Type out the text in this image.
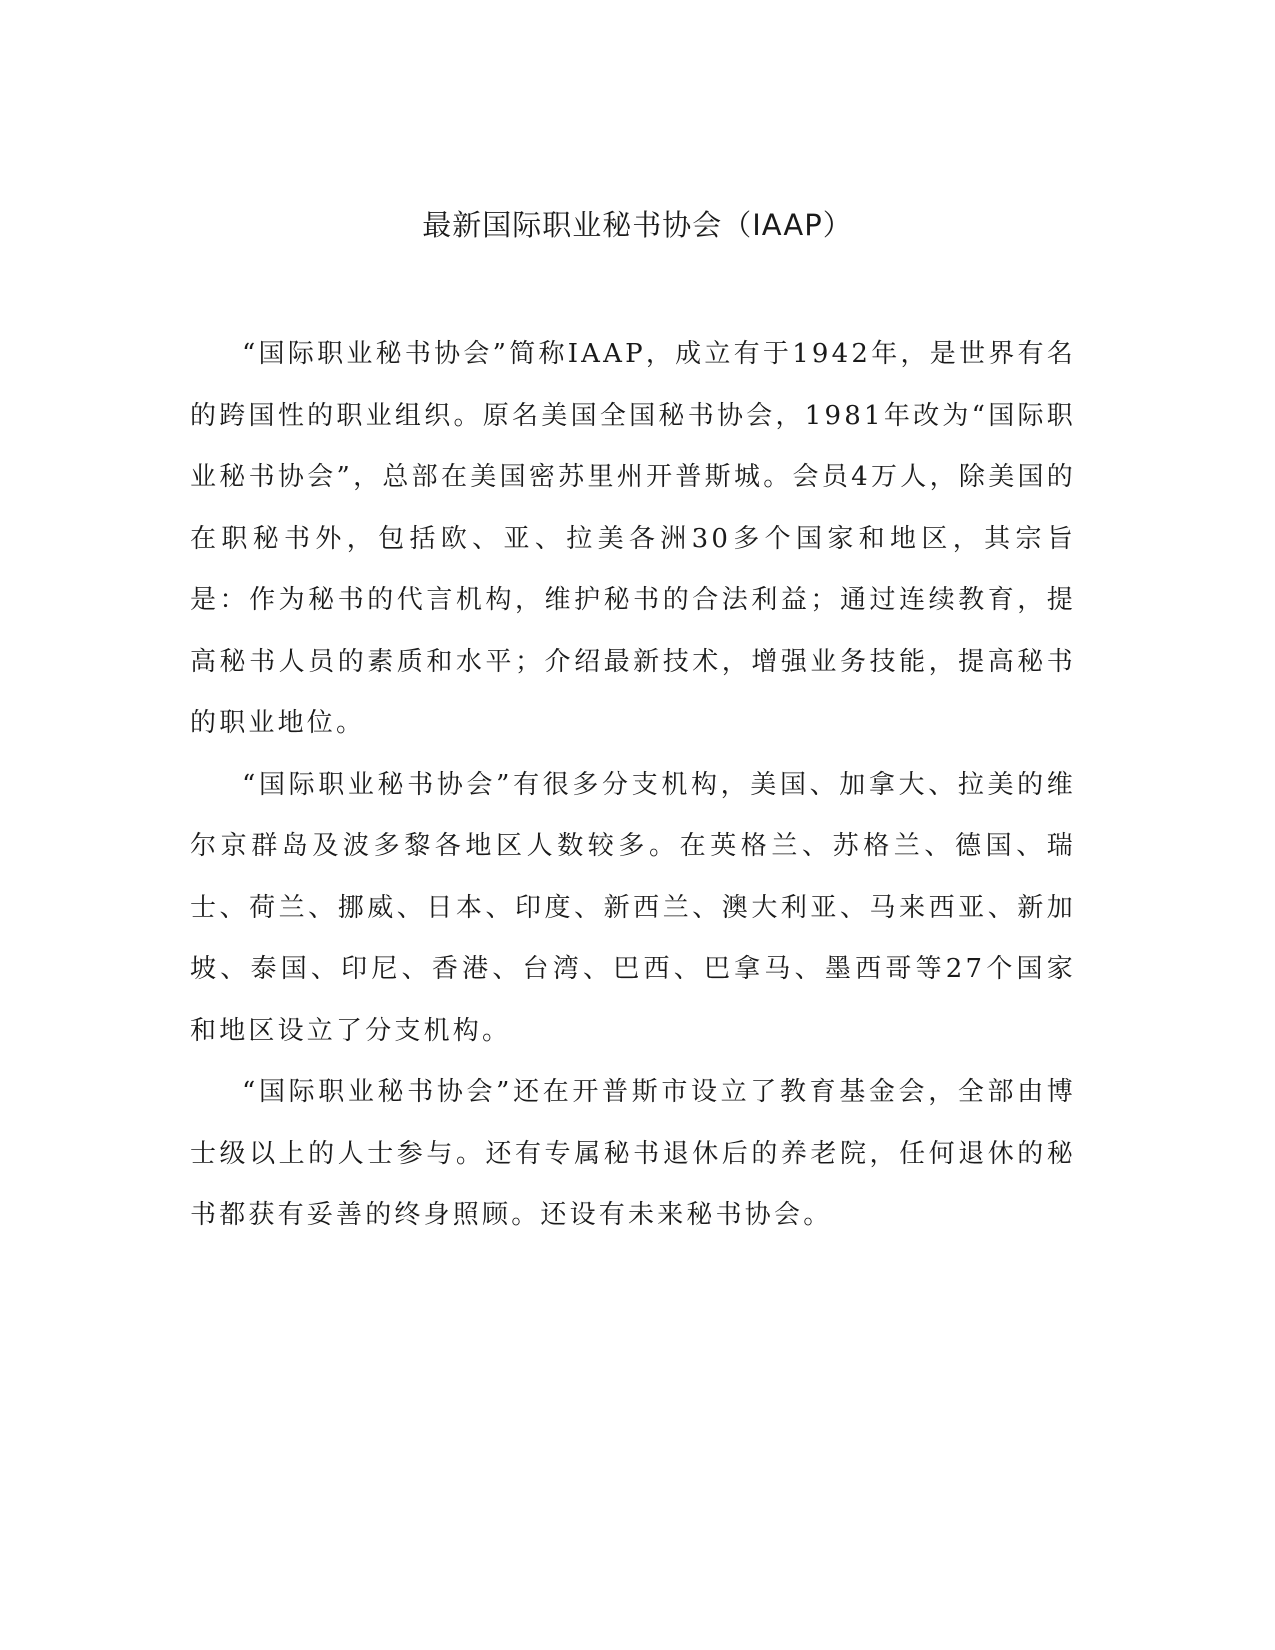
最新国际职业秘书协会（IAAP）

“国际职业秘书协会”简称IAAP，成立有于1942年，是世界有名的跨国性的职业组织。原名美国全国秘书协会，1981年改为“国际职业秘书协会”，总部在美国密苏里州开普斯城。会员4万人，除美国的在职秘书外，包括欧、亚、拉美各洲30多个国家和地区，其宗旨是：作为秘书的代言机构，维护秘书的合法利益；通过连续教育，提高秘书人员的素质和水平；介绍最新技术，增强业务技能，提高秘书的职业地位。

“国际职业秘书协会”有很多分支机构，美国、加拿大、拉美的维尔京群岛及波多黎各地区人数较多。在英格兰、苏格兰、德国、瑞士、荷兰、挪威、日本、印度、新西兰、澳大利亚、马来西亚、新加坡、泰国、印尼、香港、台湾、巴西、巴拿马、墨西哥等27个国家和地区设立了分支机构。

“国际职业秘书协会”还在开普斯市设立了教育基金会，全部由博士级以上的人士参与。还有专属秘书退休后的养老院，任何退休的秘书都获有妥善的终身照顾。还设有未来秘书协会。
